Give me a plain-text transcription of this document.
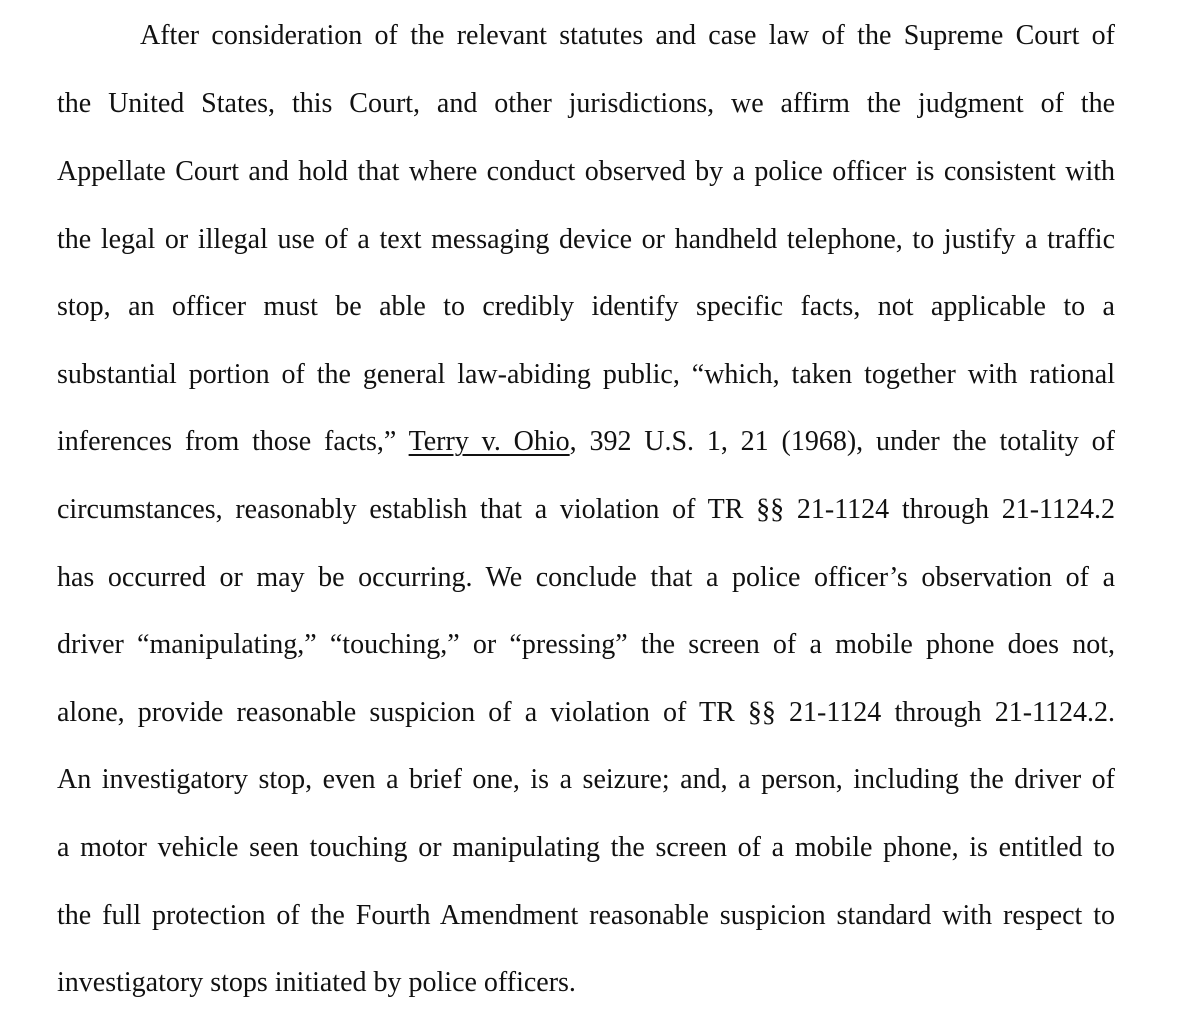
After consideration of the relevant statutes and case law of the Supreme Court of
the United States, this Court, and other jurisdictions, we affirm the judgment of the
Appellate Court and hold that where conduct observed by a police officer is consistent with
the legal or illegal use of a text messaging device or handheld telephone, to justify a traffic
stop, an officer must be able to credibly identify specific facts, not applicable to a
substantial portion of the general law-abiding public, “which, taken together with rational
inferences from those facts,” Terry v. Ohio, 392 U.S. 1, 21 (1968), under the totality of
circumstances, reasonably establish that a violation of TR §§ 21-1124 through 21-1124.2
has occurred or may be occurring. We conclude that a police officer’s observation of a
driver “manipulating,” “touching,” or “pressing” the screen of a mobile phone does not,
alone, provide reasonable suspicion of a violation of TR §§ 21-1124 through 21-1124.2.
An investigatory stop, even a brief one, is a seizure; and, a person, including the driver of
a motor vehicle seen touching or manipulating the screen of a mobile phone, is entitled to
the full protection of the Fourth Amendment reasonable suspicion standard with respect to
investigatory stops initiated by police officers.
